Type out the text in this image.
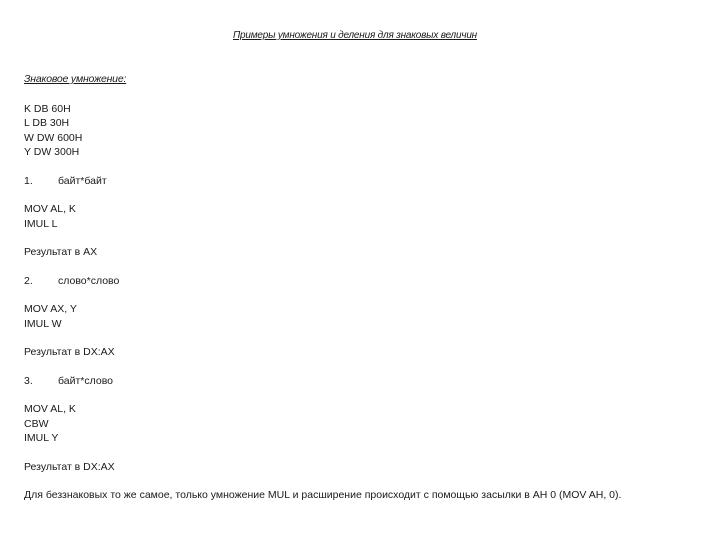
Примеры умножения и деления для знаковых величин
Знаковое умножение:
K DB 60H
L DB 30H
W DW 600H
Y DW 300H
1.	байт*байт
MOV AL, K
IMUL L
Результат в AX
2.	слово*слово
MOV AX, Y
IMUL W
Результат в DX:AX
3.	байт*слово
MOV AL, K
CBW
IMUL Y
Результат в DX:AX
Для беззнаковых то же самое, только умножение MUL и расширение происходит с помощью засылки в AH 0 (MOV AH, 0).
